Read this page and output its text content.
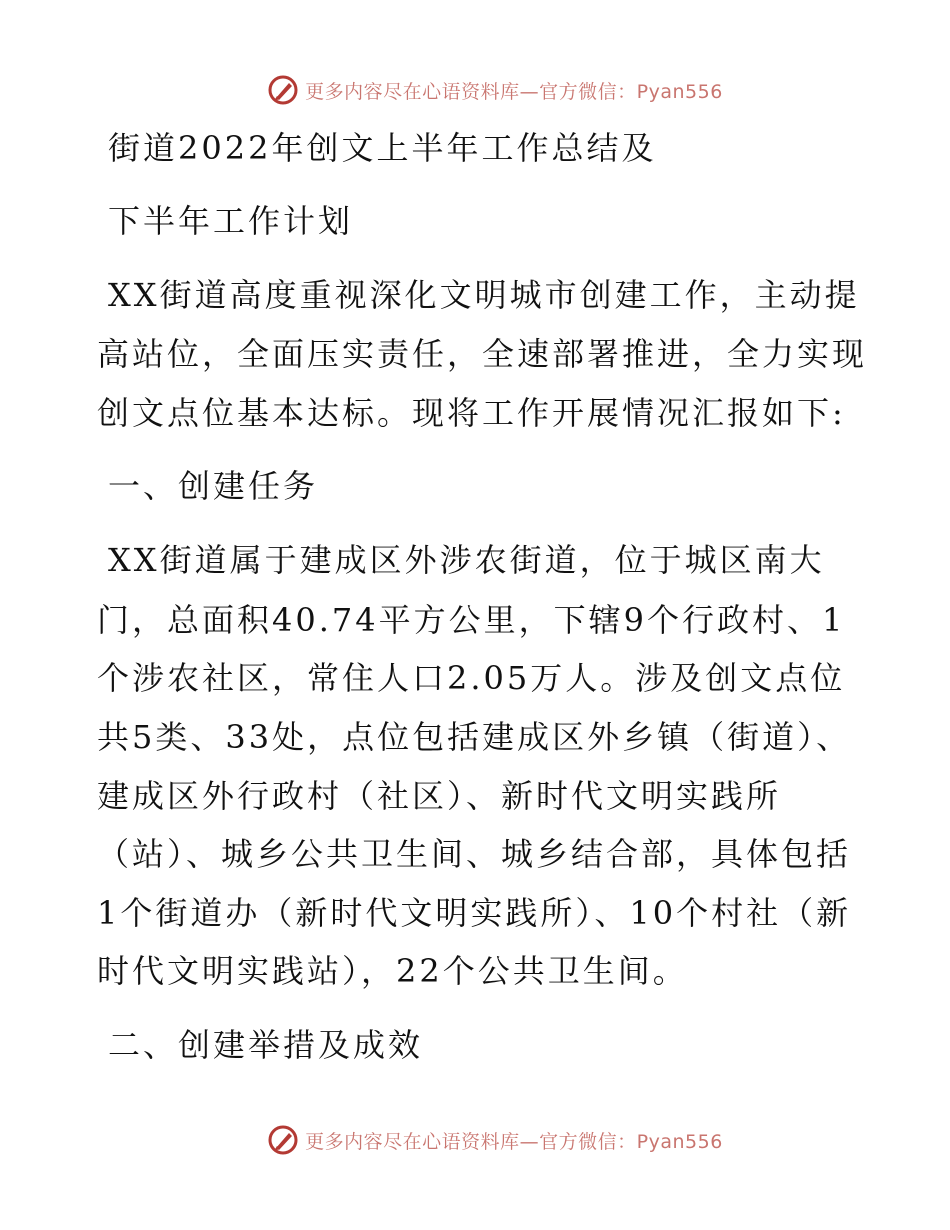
更多内容尽在心语资料库—官方微信：Pyan556
街道2022年创文上半年工作总结及
下半年工作计划
XX街道高度重视深化文明城市创建工作，主动提
高站位，全面压实责任，全速部署推进，全力实现
创文点位基本达标。现将工作开展情况汇报如下:
一、创建任务
XX街道属于建成区外涉农街道，位于城区南大
门，总面积40.74平方公里，下辖9个行政村、1
个涉农社区，常住人口2.05万人。涉及创文点位
共5类、33处，点位包括建成区外乡镇（街道）、
建成区外行政村（社区）、新时代文明实践所
（站）、城乡公共卫生间、城乡结合部，具体包括
1个街道办（新时代文明实践所）、10个村社（新
时代文明实践站），22个公共卫生间。
二、创建举措及成效
更多内容尽在心语资料库—官方微信：Pyan556
